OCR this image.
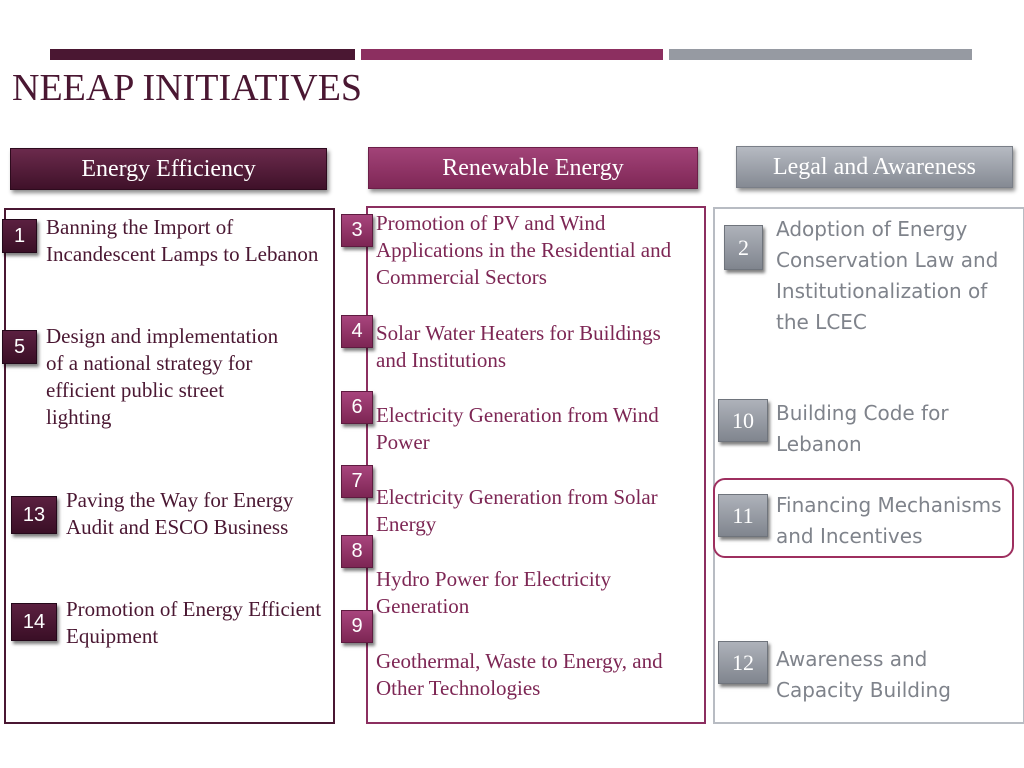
NEEAP INITIATIVES
Energy Efficiency	Renewable Energy	Legal and Awareness
1 Banning the Import of Incandescent Lamps to Lebanon
5 Design and implementation of a national strategy for efficient public street lighting
13
Paving the Way for Energy Audit and ESCO Business
14
Promotion of Energy Efficient Equipment
3 Promotion of PV and Wind Applications in the Residential and Commercial Sectors
4 Solar Water Heaters for Buildings and Institutions
6 Electricity Generation from Wind Power
7
Electricity Generation from Solar Energy
8
Hydro Power for Electricity Generation
9
Geothermal, Waste to Energy, and Other Technologies
2
Adoption of Energy Conservation Law and Institutionalization of the LCEC
10	Building Code for Lebanon
11	Financing Mechanisms and Incentives
12	Awareness and Capacity Building
